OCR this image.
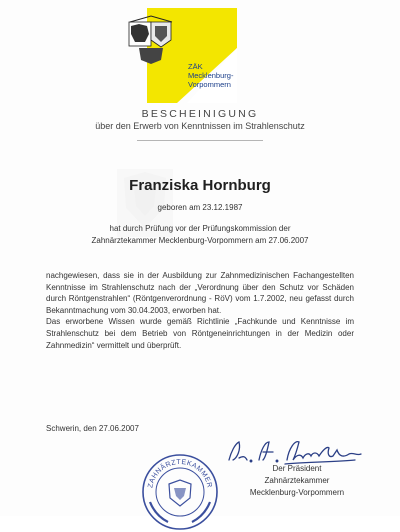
ZÄK
Mecklenburg-
Vorpommern
BESCHEINIGUNG
über den Erwerb von Kenntnissen im Strahlenschutz
Franziska Hornburg
geboren am 23.12.1987
hat durch Prüfung vor der Prüfungskommission der
Zahnärztekammer Mecklenburg-Vorpommern am 27.06.2007

nachgewiesen, dass sie in der Ausbildung zur Zahnmedizinischen Fachangestellten Kenntnisse im Strahlenschutz nach der „Verordnung über den Schutz vor Schäden durch Röntgenstrahlen“ (Röntgenverordnung - RöV) vom 1.7.2002, neu gefasst durch Bekanntmachung vom 30.04.2003, erworben hat.

Das erworbene Wissen wurde gemäß Richtlinie „Fachkunde und Kenntnisse im Strahlenschutz bei dem Betrieb von Röntgeneinrichtungen in der Medizin oder Zahnmedizin“ vermittelt und überprüft.

Schwerin, den 27.06.2007
Der Präsident
Zahnärztekammer
Mecklenburg-Vorpommern
ZAHNÄRZTEKAMMER
